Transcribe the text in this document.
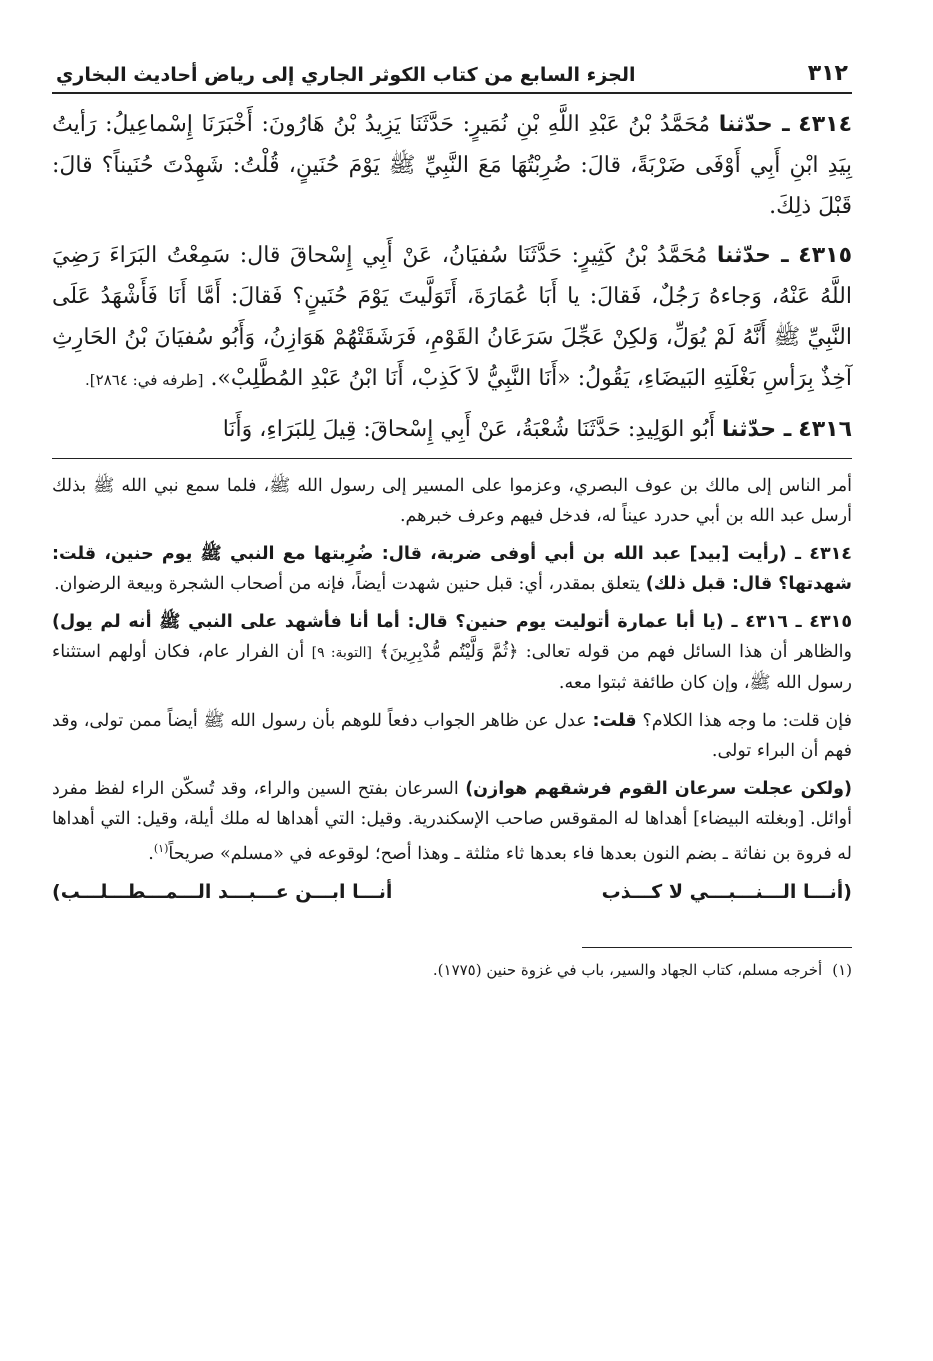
٣١٢
الجزء السابع من كتاب الكوثر الجاري إلى رياض أحاديث البخاري

٤٣١٤ ـ حدّثنا مُحَمَّدُ بْنُ عَبْدِ اللَّهِ بْنِ نُمَيرٍ: حَدَّثَنَا يَزِيدُ بْنُ هَارُونَ: أَخْبَرَنَا إِسْماعِيلُ: رَأيتُ بِيَدِ ابْنِ أَبِي أَوْفَى ضَرْبَةً، قالَ: ضُرِبْتُهَا مَعَ النَّبِيِّ ﷺ يَوْمَ حُنَينٍ، قُلْتُ: شَهِدْتَ حُنَيناً؟ قالَ: قَبْلَ ذلِكَ.

٤٣١٥ ـ حدّثنا مُحَمَّدُ بْنُ كَثِيرٍ: حَدَّثَنَا سُفيَانُ، عَنْ أَبِي إِسْحاقَ قال: سَمِعْتُ البَرَاءَ رَضِيَ اللَّهُ عَنْهُ، وَجاءهُ رَجُلٌ، فَقالَ: يا أَبَا عُمَارَةَ، أَتَوَلَّيتَ يَوْمَ حُنَينٍ؟ فَقالَ: أَمَّا أَنَا فَأَشْهَدُ عَلَى النَّبِيِّ ﷺ أَنَّهُ لَمْ يُوَلِّ، وَلكِنْ عَجِّلَ سَرَعَانُ القَوْمِ، فَرَشَقَتْهُمْ هَوَازِنُ، وَأَبُو سُفيَانَ بْنُ الحَارِثِ آخِذٌ بِرَأسِ بَغْلَتِهِ البَيضَاءِ، يَقُولُ: «أَنَا النَّبِيُّ لاَ كَذِبْ، أَنَا ابْنُ عَبْدِ المُطَّلِبْ». [طرفه في: ٢٨٦٤].

٤٣١٦ ـ حدّثنا أَبُو الوَلِيدِ: حَدَّثَنَا شُعْبَةُ، عَنْ أَبِي إِسْحاقَ: قِيلَ لِلبَرَاءِ، وَأَنَا

أمر الناس إلى مالك بن عوف البصري، وعزموا على المسير إلى رسول الله ﷺ، فلما سمع نبي الله ﷺ بذلك أرسل عبد الله بن أبي حدرد عيناً له، فدخل فيهم وعرف خبرهم.

٤٣١٤ ـ (رأيت [بيد] عبد الله بن أبي أوفى ضربة، قال: ضُرِبتها مع النبي ﷺ يوم حنين، قلت: شهدتها؟ قال: قبل ذلك) يتعلق بمقدر، أي: قبل حنين شهدت أيضاً، فإنه من أصحاب الشجرة وبيعة الرضوان.

٤٣١٥ ـ ٤٣١٦ ـ (يا أبا عمارة أتوليت يوم حنين؟ قال: أما أنا فأشهد على النبي ﷺ أنه لم يول) والظاهر أن هذا السائل فهم من قوله تعالى: ﴿ثُمَّ وَلَّيْتُم مُّدْبِرِينَ﴾ [التوبة: ٩] أن الفرار عام، فكان أولهم استثناء رسول الله ﷺ، وإن كان طائفة ثبتوا معه.

فإن قلت: ما وجه هذا الكلام؟ قلت: عدل عن ظاهر الجواب دفعاً للوهم بأن رسول الله ﷺ أيضاً ممن تولى، وقد فهم أن البراء تولى.

(ولكن عجلت سرعان القوم فرشقهم هوازن) السرعان بفتح السين والراء، وقد تُسكّن الراء لفظ مفرد أوائل. [وبغلته البيضاء] أهداها له المقوقس صاحب الإسكندرية. وقيل: التي أهداها له ملك أيلة، وقيل: التي أهداها له فروة بن نفاثة ـ بضم النون بعدها فاء بعدها ثاء مثلثة ـ وهذا أصح؛ لوقوعه في «مسلم» صريحاً$^{(١)}$.

(أنـــا الـــنـــبـــي لا كـــذب
أنـــا ابـــن عـــبـــد الـــمـــطـــلـــب)

(١)
أخرجه مسلم، كتاب الجهاد والسير، باب في غزوة حنين (١٧٧٥).
